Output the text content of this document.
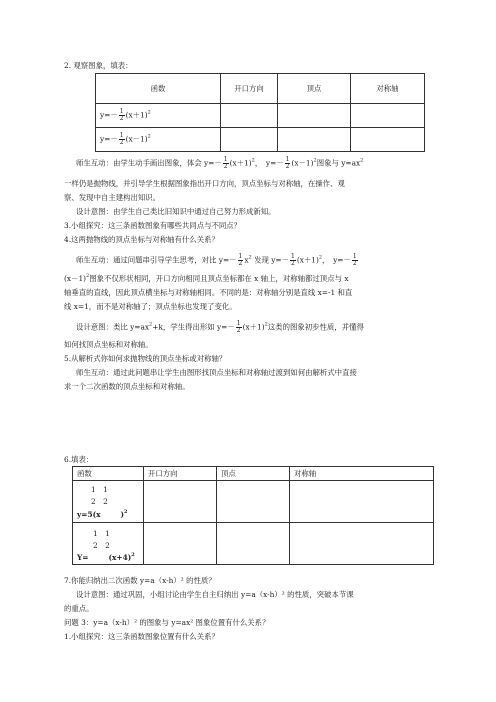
2. 观察图象，填表：
函数	开口方向	顶点	对称轴
$y=- \frac{1}{2} (x+1)^2$			
$y=- \frac{1}{2} (x-1)^2$			
师生互动：由学生动手画出图象，体会 $y=- \frac{1}{2} (x+1)^2$，　$y=- \frac{1}{2} (x-1)^2$图象与 $y=ax^2$
一样仍是抛物线，并引导学生根据图象指出开口方向，顶点坐标与对称轴，在操作、观
察、发现中自主建构出知识。
设计意图：由学生自己类比旧知识中通过自己努力形成新知。
3.小组探究：这三条函数图象有哪些共同点与不同点？
4.这两抛物线的顶点坐标与对称轴有什么关系？
师生互动：通过问题串引导学生思考，对比 $y=- \frac{1}{2} x^2$ 发现 $y=- \frac{1}{2} (x+1)^2$，　$y=- \frac{1}{2}$
$(x-1)^2$图象不仅形状相同，开口方向相同且顶点坐标都在 x 轴上，对称轴都过顶点与 x
轴垂直的直线，因此顶点横坐标与对称轴相同。不同的是：对称轴分别是直线 x=-1 和直
线 x=1，而不是对称轴了；顶点坐标也发现了变化。
设计意图：类比 $y=ax^2+k$，学生得出形如 $y=- \frac{1}{2} (x+1)^2$这类的图象初步性质，并懂得
如何找顶点坐标和对称轴。
5.从解析式你如何求抛物线的顶点坐标或对称轴？
师生互动：通过此问题串让学生由图形找顶点坐标和对称轴过渡到如何由解析式中直接
求一个二次函数的顶点坐标和对称轴。
6.填表：
函数	开口方向	顶点	对称轴

1　1
2　2
y=5(x )$^2$

1　1
2　2
$Y= (x+4)^2$

7.你能归纳出二次函数 y=a（x-h）² 的性质？
设计意图：通过巩固，小组讨论由学生自主归纳出 y=a（x-h）² 的性质，突破本节课
的重点。
问题 3：y=a（x-h）² 的图象与 y=ax² 图象位置有什么关系？
1.小组探究：这三条函数图象位置有什么关系？
